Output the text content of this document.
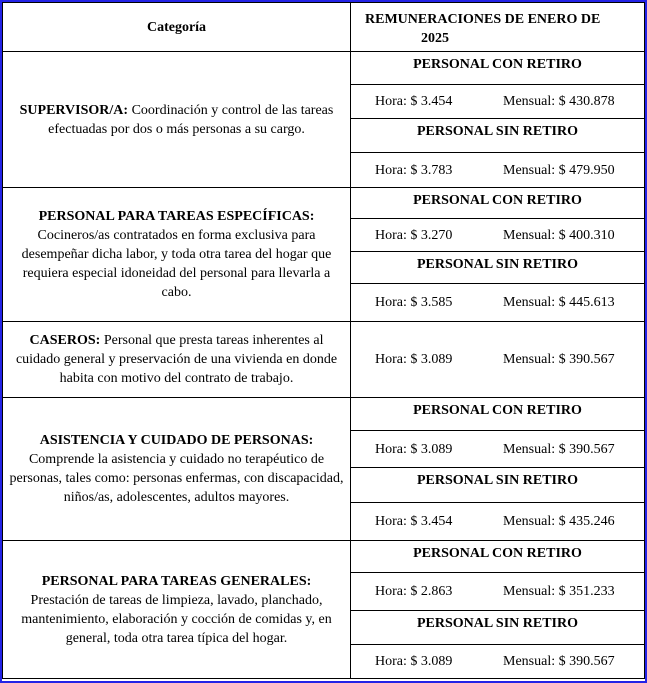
Categoría	REMUNERACIONES DE ENERO DE
2025

SUPERVISOR/A: Coordinación y control de las tareas efectuadas por dos o más personas a su cargo.	PERSONAL CON RETIRO
	Hora: $ 3.454 Mensual: $ 430.878
	PERSONAL SIN RETIRO
	Hora: $ 3.783 Mensual: $ 479.950
PERSONAL PARA TAREAS ESPECÍFICAS:
Cocineros/as contratados en forma exclusiva para desempeñar dicha labor, y toda otra tarea del hogar que requiera especial idoneidad del personal para llevarla a cabo.	PERSONAL CON RETIRO
	Hora: $ 3.270 Mensual: $ 400.310
	PERSONAL SIN RETIRO
	Hora: $ 3.585 Mensual: $ 445.613
CASEROS: Personal que presta tareas inherentes al cuidado general y preservación de una vivienda en donde habita con motivo del contrato de trabajo.	Hora: $ 3.089 Mensual: $ 390.567
ASISTENCIA Y CUIDADO DE PERSONAS:
Comprende la asistencia y cuidado no terapéutico de personas, tales como: personas enfermas, con discapacidad, niños/as, adolescentes, adultos mayores.	PERSONAL CON RETIRO
	Hora: $ 3.089 Mensual: $ 390.567
	PERSONAL SIN RETIRO
	Hora: $ 3.454 Mensual: $ 435.246
PERSONAL PARA TAREAS GENERALES:
Prestación de tareas de limpieza, lavado, planchado, mantenimiento, elaboración y cocción de comidas y, en general, toda otra tarea típica del hogar.	PERSONAL CON RETIRO
	Hora: $ 2.863 Mensual: $ 351.233
	PERSONAL SIN RETIRO
	Hora: $ 3.089 Mensual: $ 390.567
